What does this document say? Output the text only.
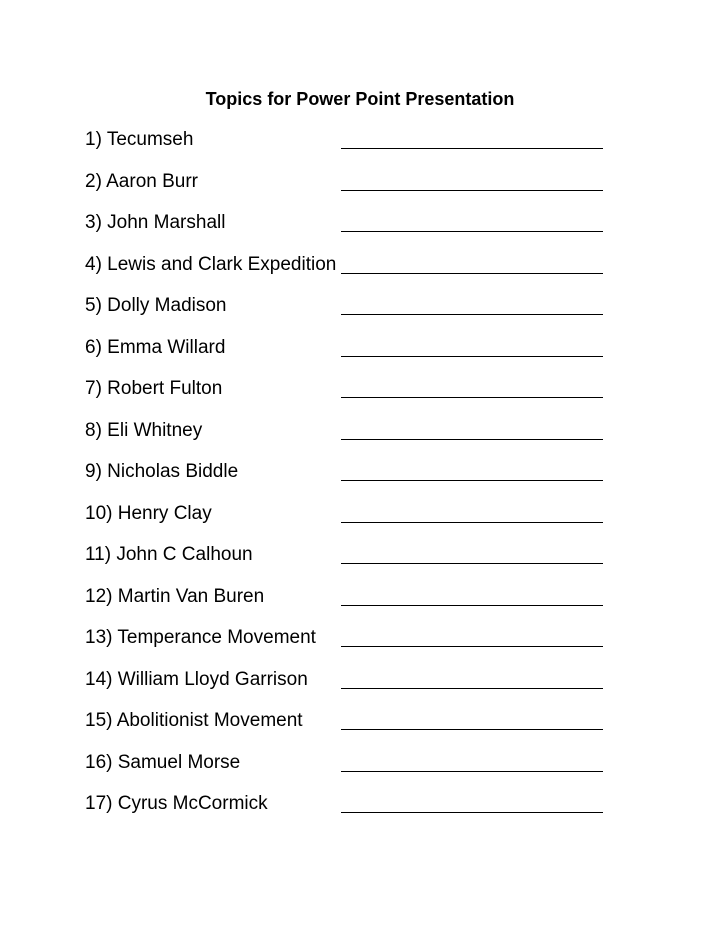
Topics for Power Point Presentation
1) Tecumseh
2) Aaron Burr
3) John Marshall
4) Lewis and Clark Expedition
5) Dolly Madison
6) Emma Willard
7) Robert Fulton
8) Eli Whitney
9) Nicholas Biddle
10) Henry Clay
11) John C Calhoun
12) Martin Van Buren
13) Temperance Movement
14) William Lloyd Garrison
15) Abolitionist Movement
16) Samuel Morse
17) Cyrus McCormick
